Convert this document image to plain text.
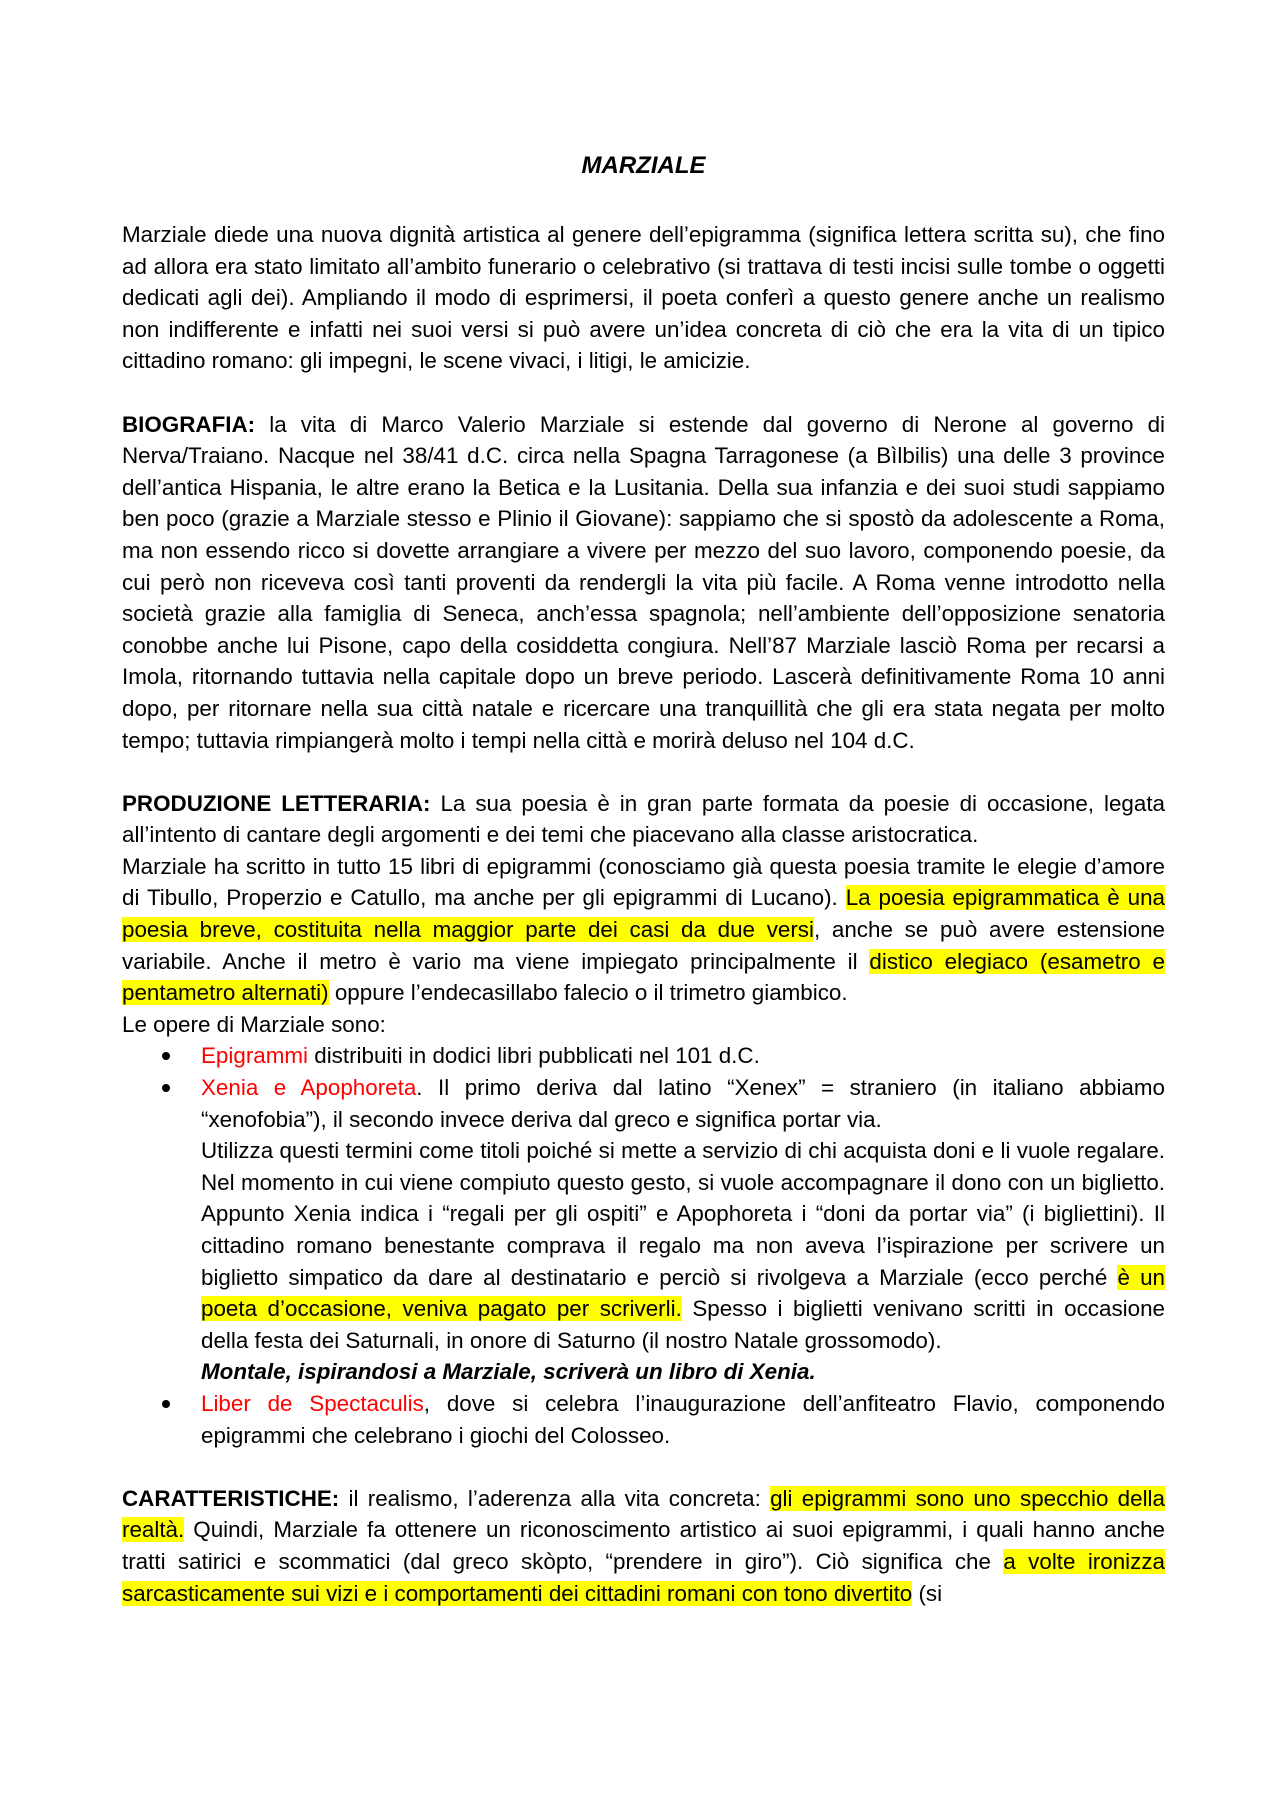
MARZIALE

Marziale diede una nuova dignità artistica al genere dell’epigramma (significa lettera scritta su), che fino ad allora era stato limitato all’ambito funerario o celebrativo (si trattava di testi incisi sulle tombe o oggetti dedicati agli dei). Ampliando il modo di esprimersi, il poeta conferì a questo genere anche un realismo non indifferente e infatti nei suoi versi si può avere un’idea concreta di ciò che era la vita di un tipico cittadino romano: gli impegni, le scene vivaci, i litigi, le amicizie.

BIOGRAFIA: la vita di Marco Valerio Marziale si estende dal governo di Nerone al governo di Nerva/Traiano. Nacque nel 38/41 d.C. circa nella Spagna Tarragonese (a Bìlbilis) una delle 3 province dell’antica Hispania, le altre erano la Betica e la Lusitania. Della sua infanzia e dei suoi studi sappiamo ben poco (grazie a Marziale stesso e Plinio il Giovane): sappiamo che si spostò da adolescente a Roma, ma non essendo ricco si dovette arrangiare a vivere per mezzo del suo lavoro, componendo poesie, da cui però non riceveva così tanti proventi da rendergli la vita più facile. A Roma venne introdotto nella società grazie alla famiglia di Seneca, anch’essa spagnola; nell’ambiente dell’opposizione senatoria conobbe anche lui Pisone, capo della cosiddetta congiura. Nell’87 Marziale lasciò Roma per recarsi a Imola, ritornando tuttavia nella capitale dopo un breve periodo. Lascerà definitivamente Roma 10 anni dopo, per ritornare nella sua città natale e ricercare una tranquillità che gli era stata negata per molto tempo; tuttavia rimpiangerà molto i tempi nella città e morirà deluso nel 104 d.C.

PRODUZIONE LETTERARIA: La sua poesia è in gran parte formata da poesie di occasione, legata all’intento di cantare degli argomenti e dei temi che piacevano alla classe aristocratica.

Marziale ha scritto in tutto 15 libri di epigrammi (conosciamo già questa poesia tramite le elegie d’amore di Tibullo, Properzio e Catullo, ma anche per gli epigrammi di Lucano). La poesia epigrammatica è una poesia breve, costituita nella maggior parte dei casi da due versi, anche se può avere estensione variabile. Anche il metro è vario ma viene impiegato principalmente il distico elegiaco (esametro e pentametro alternati) oppure l’endecasillabo falecio o il trimetro giambico.

Le opere di Marziale sono:

Epigrammi distribuiti in dodici libri pubblicati nel 101 d.C.
Xenia e Apophoreta. Il primo deriva dal latino “Xenex” = straniero (in italiano abbiamo “xenofobia”), il secondo invece deriva dal greco e significa portar via.
Utilizza questi termini come titoli poiché si mette a servizio di chi acquista doni e li vuole regalare. Nel momento in cui viene compiuto questo gesto, si vuole accompagnare il dono con un biglietto. Appunto Xenia indica i “regali per gli ospiti” e Apophoreta i “doni da portar via” (i bigliettini). Il cittadino romano benestante comprava il regalo ma non aveva l’ispirazione per scrivere un biglietto simpatico da dare al destinatario e perciò si rivolgeva a Marziale (ecco perché è un poeta d’occasione, veniva pagato per scriverli. Spesso i biglietti venivano scritti in occasione della festa dei Saturnali, in onore di Saturno (il nostro Natale grossomodo).
Montale, ispirandosi a Marziale, scriverà un libro di Xenia.
Liber de Spectaculis, dove si celebra l’inaugurazione dell’anfiteatro Flavio, componendo epigrammi che celebrano i giochi del Colosseo.

CARATTERISTICHE: il realismo, l’aderenza alla vita concreta: gli epigrammi sono uno specchio della realtà. Quindi, Marziale fa ottenere un riconoscimento artistico ai suoi epigrammi, i quali hanno anche tratti satirici e scommatici (dal greco skòpto, “prendere in giro”). Ciò significa che a volte ironizza sarcasticamente sui vizi e i comportamenti dei cittadini romani con tono divertito (si
